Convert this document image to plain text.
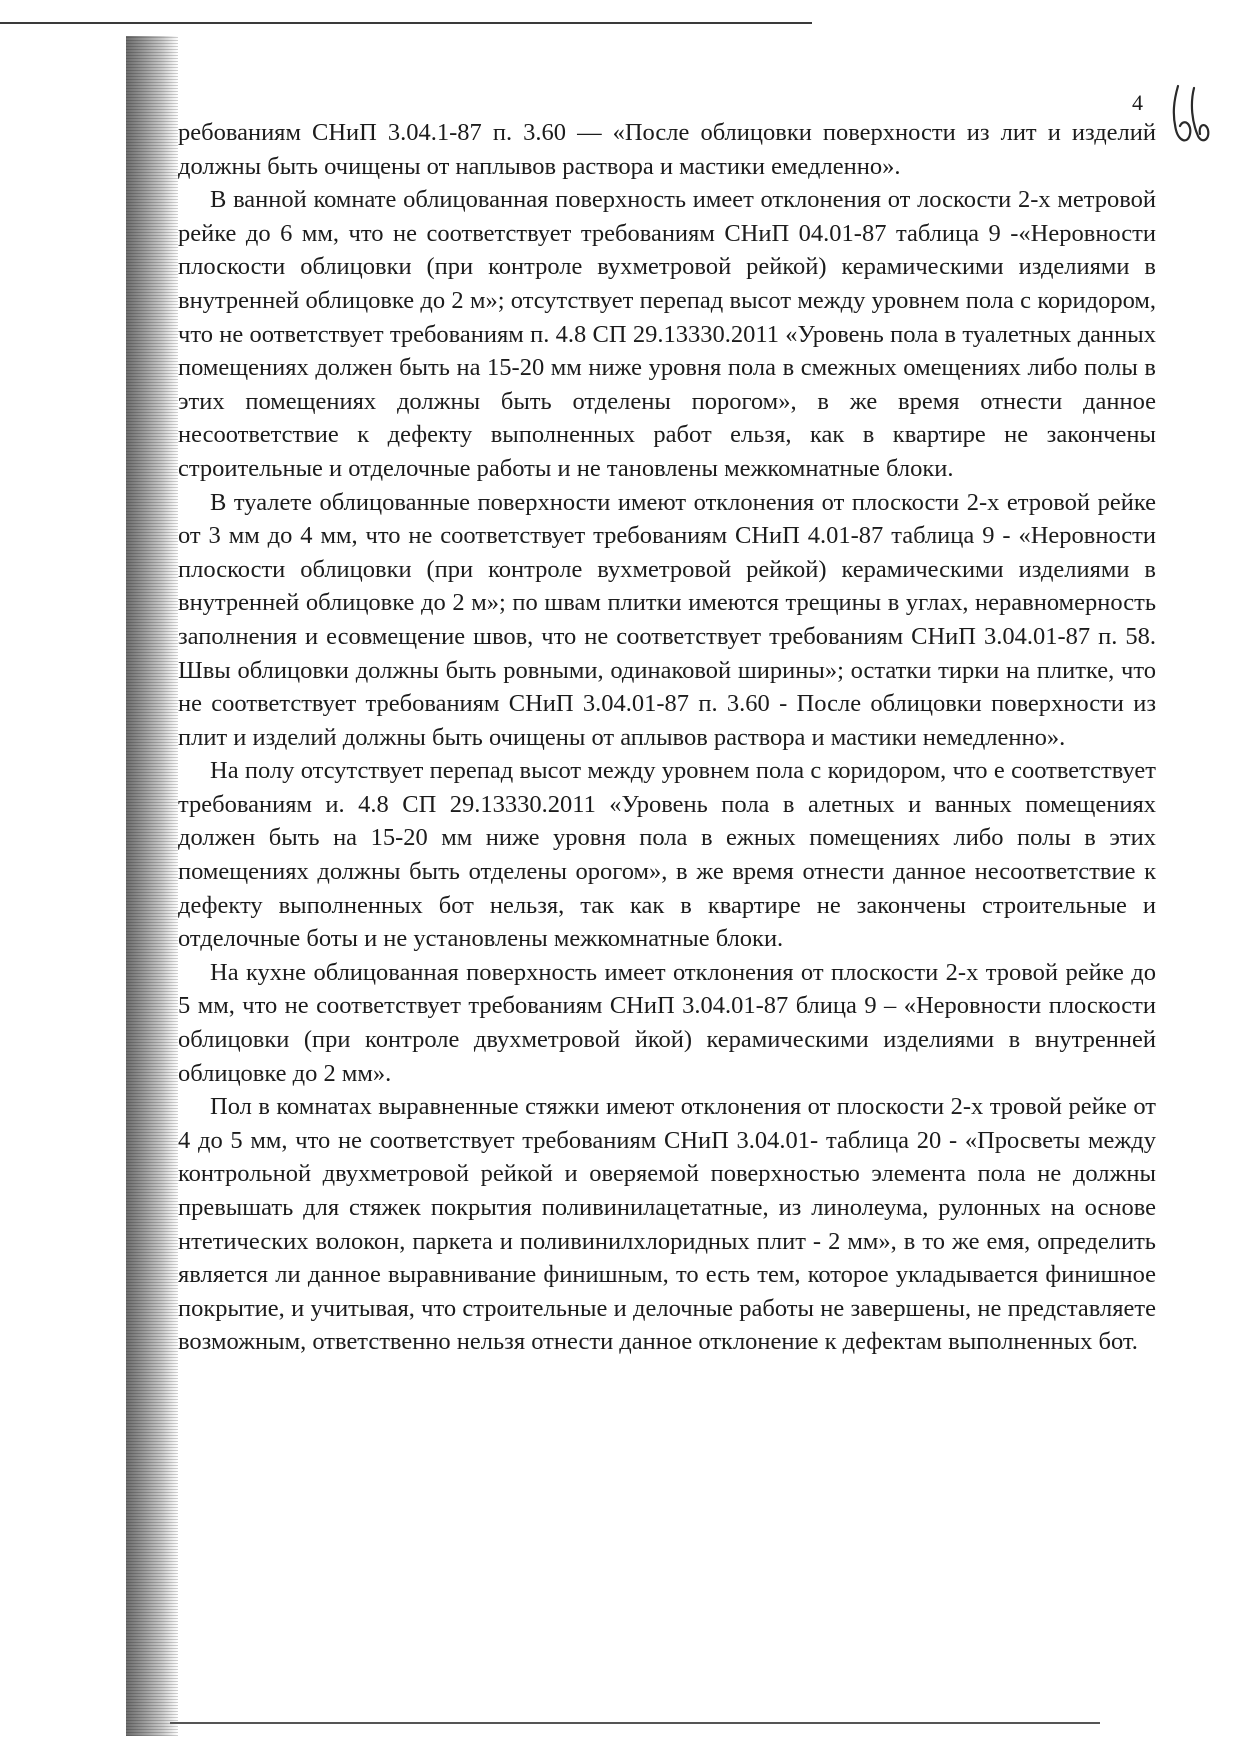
4

ребованиям СНиП 3.04.1-87 п. 3.60 — «После облицовки поверхности из лит и изделий должны быть очищены от наплывов раствора и мастики емедленно».

В ванной комнате облицованная поверхность имеет отклонения от лоскости 2-х метровой рейке до 6 мм, что не соответствует требованиям СНиП 04.01-87 таблица 9 -«Неровности плоскости облицовки (при контроле вухметровой рейкой) керамическими изделиями в внутренней облицовке до 2 м»; отсутствует перепад высот между уровнем пола с коридором, что не оответствует требованиям п. 4.8 СП 29.13330.2011 «Уровень пола в туалетных данных помещениях должен быть на 15-20 мм ниже уровня пола в смежных омещениях либо полы в этих помещениях должны быть отделены порогом», в же время отнести данное несоответствие к дефекту выполненных работ ельзя, как в квартире не закончены строительные и отделочные работы и не тановлены межкомнатные блоки.

В туалете облицованные поверхности имеют отклонения от плоскости 2-х етровой рейке от 3 мм до 4 мм, что не соответствует требованиям СНиП 4.01-87 таблица 9 - «Неровности плоскости облицовки (при контроле вухметровой рейкой) керамическими изделиями в внутренней облицовке до 2 м»; по швам плитки имеются трещины в углах, неравномерность заполнения и есовмещение швов, что не соответствует требованиям СНиП 3.04.01-87 п. 58. Швы облицовки должны быть ровными, одинаковой ширины»; остатки тирки на плитке, что не соответствует требованиям СНиП 3.04.01-87 п. 3.60 - После облицовки поверхности из плит и изделий должны быть очищены от аплывов раствора и мастики немедленно».

На полу отсутствует перепад высот между уровнем пола с коридором, что е соответствует требованиям и. 4.8 СП 29.13330.2011 «Уровень пола в алетных и ванных помещениях должен быть на 15-20 мм ниже уровня пола в ежных помещениях либо полы в этих помещениях должны быть отделены орогом», в же время отнести данное несоответствие к дефекту выполненных бот нельзя, так как в квартире не закончены строительные и отделочные боты и не установлены межкомнатные блоки.

На кухне облицованная поверхность имеет отклонения от плоскости 2-х тровой рейке до 5 мм, что не соответствует требованиям СНиП 3.04.01-87 блица 9 – «Неровности плоскости облицовки (при контроле двухметровой йкой) керамическими изделиями в внутренней облицовке до 2 мм».

Пол в комнатах выравненные стяжки имеют отклонения от плоскости 2-х тровой рейке от 4 до 5 мм, что не соответствует требованиям СНиП 3.04.01- таблица 20 - «Просветы между контрольной двухметровой рейкой и оверяемой поверхностью элемента пола не должны превышать для стяжек покрытия поливинилацетатные, из линолеума, рулонных на основе нтетических волокон, паркета и поливинилхлоридных плит - 2 мм», в то же емя, определить является ли данное выравнивание финишным, то есть тем, которое укладывается финишное покрытие, и учитывая, что строительные и делочные работы не завершены, не представляете возможным, ответственно нельзя отнести данное отклонение к дефектам выполненных бот.
